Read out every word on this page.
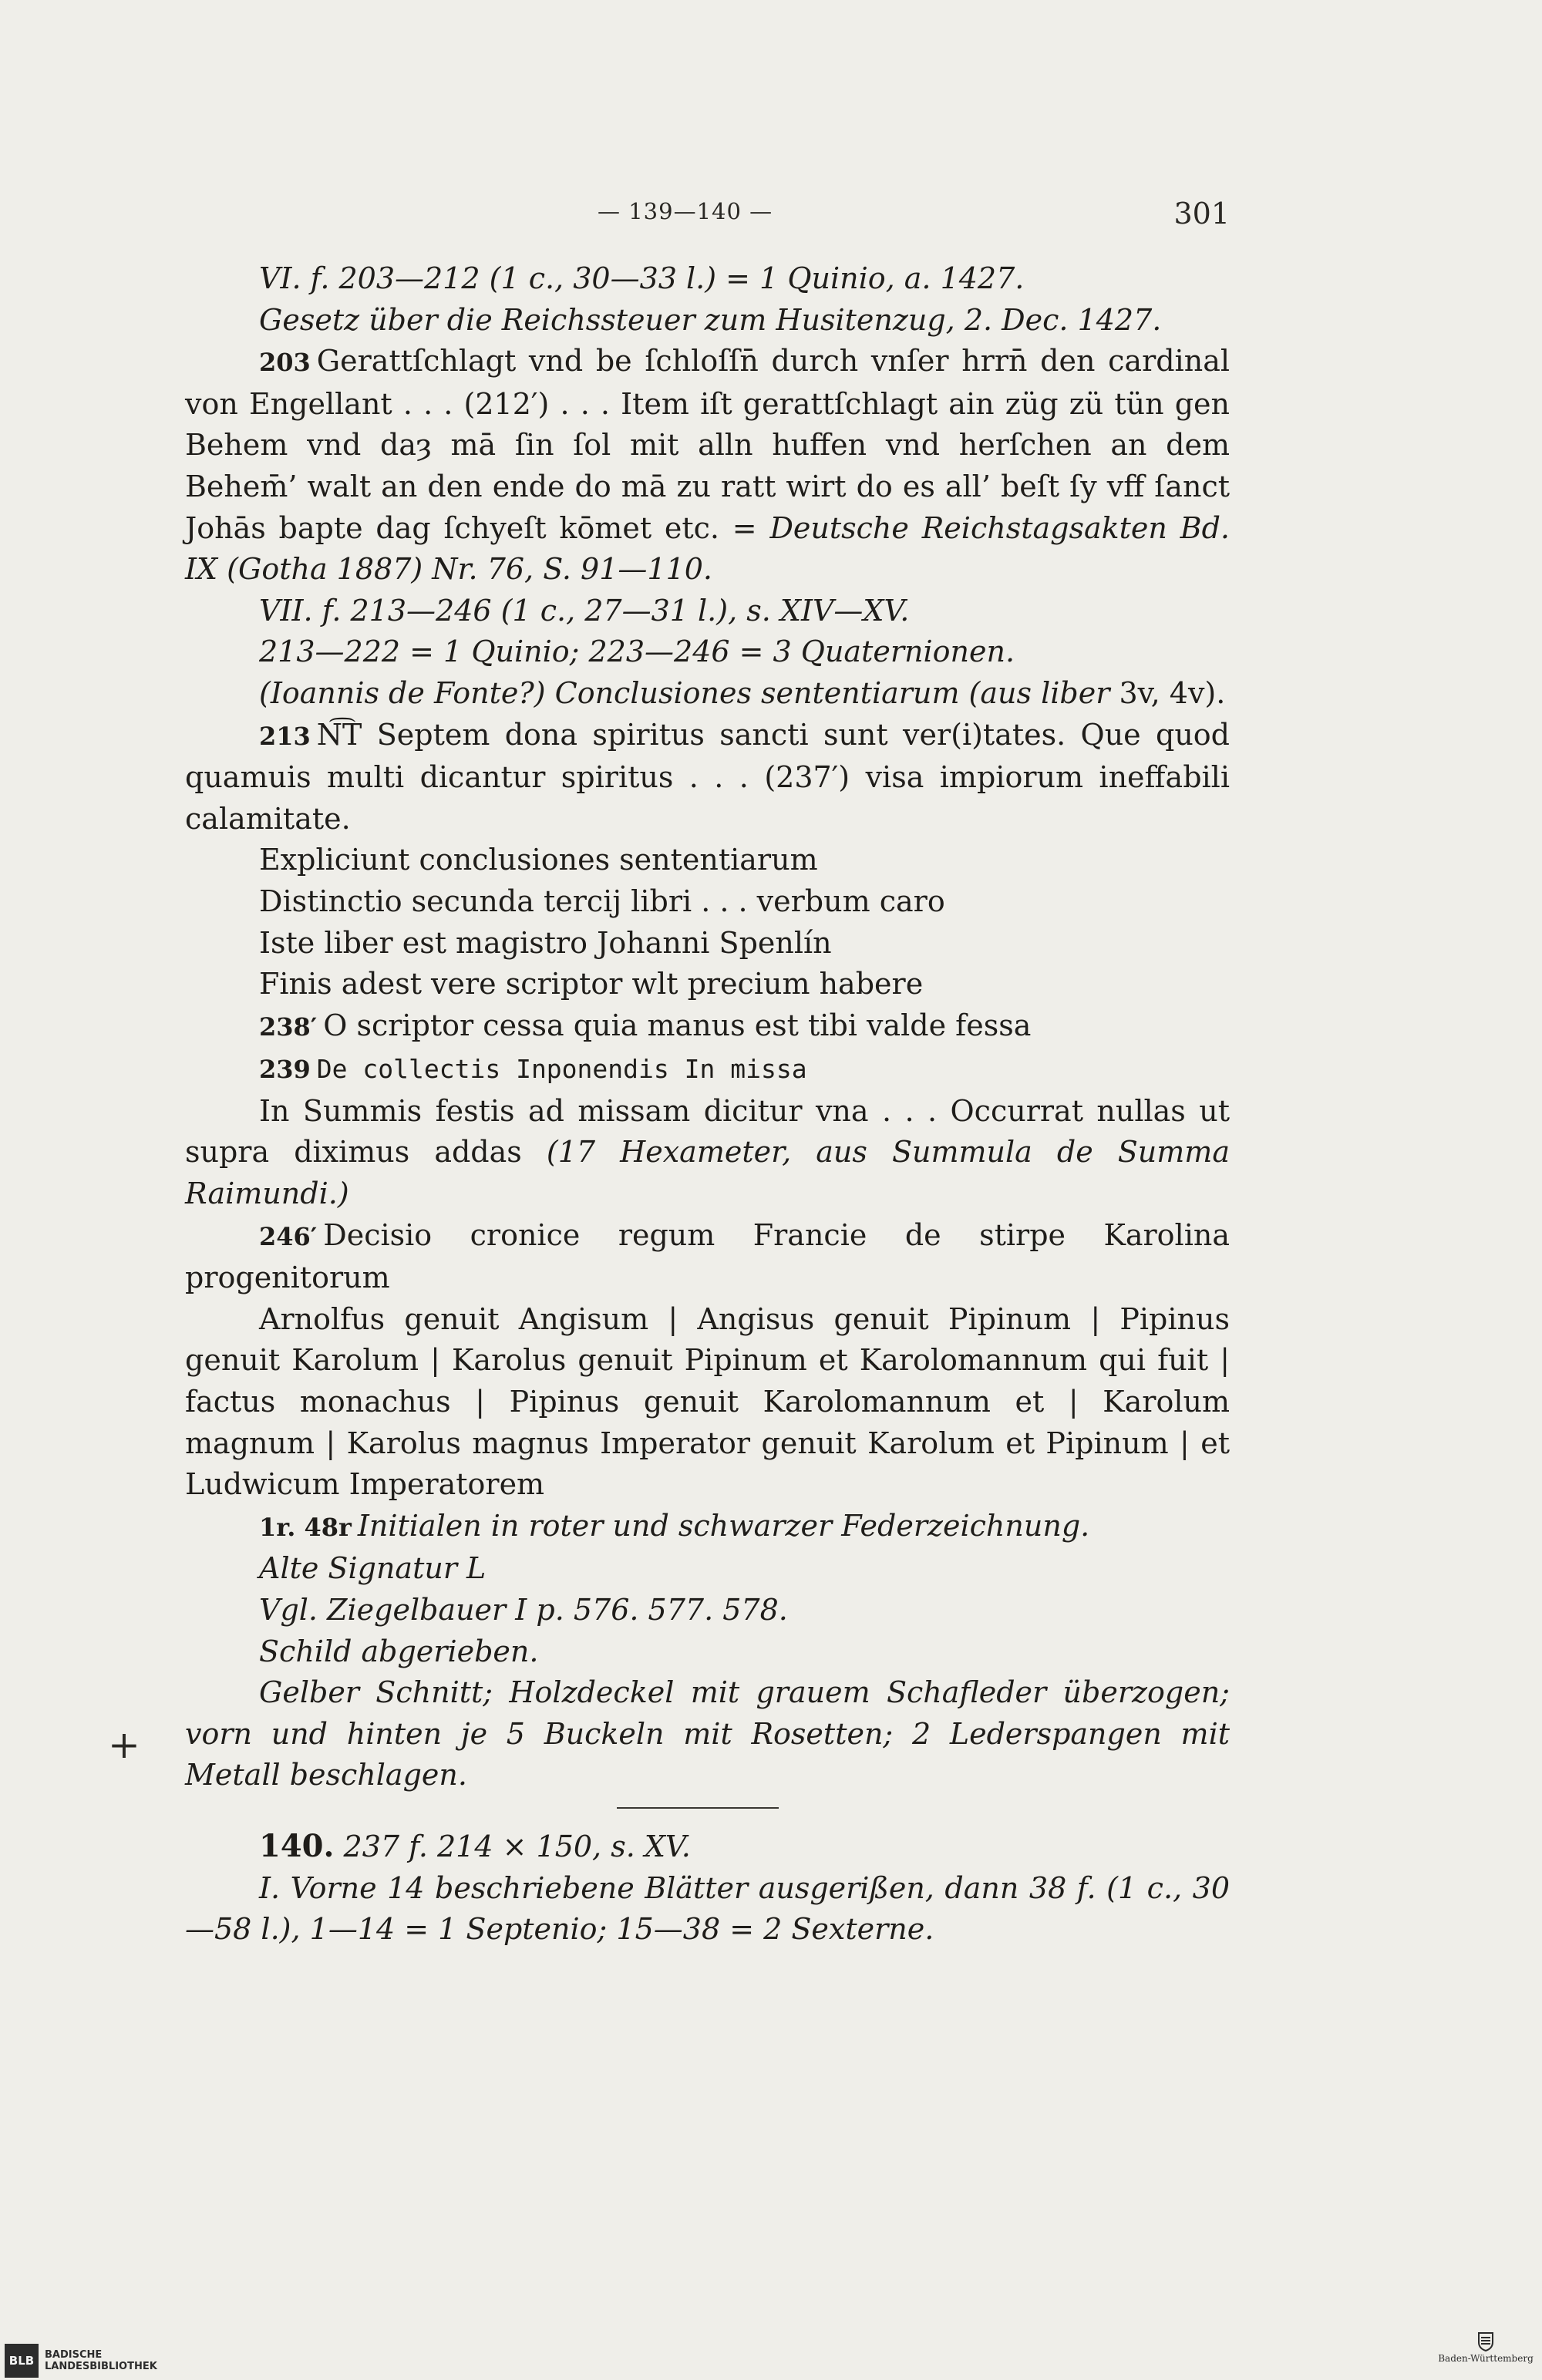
— 139—140 —	301

VI. f. 203—212 (1 c., 30—33 l.) = 1 Quinio, a. 1427.

Gesetz über die Reichssteuer zum Husitenzug, 2. Dec. 1427.

203 Gerattſchlagt vnd be ſchloſſn̄ durch vnſer hrrn̄ den cardinal von Engellant . . . (212′) . . . Item iſt gerattſchlagt ain züg zü tün gen Behem vnd daȝ mā ſin ſol mit alln huffen vnd herſchen an dem Behem̄’ walt an den ende do mā zu ratt wirt do es all’ beſt ſy vff ſanct Johās bapte dag ſchyeſt kōmet etc. = Deutsche Reichstagsakten Bd. IX (Gotha 1887) Nr. 76, S. 91—110.

VII. f. 213—246 (1 c., 27—31 l.), s. XIV—XV.

213—222 = 1 Quinio; 223—246 = 3 Quaternionen.

(Ioannis de Fonte?) Conclusiones sententiarum (aus liber 3v, 4v).

213 N͡T Septem dona spiritus sancti sunt ver(i)tates. Que quod quamuis multi dicantur spiritus . . . (237′) visa impiorum ineffabili calamitate.

Expliciunt conclusiones sententiarum

Distinctio secunda tercij libri . . . verbum caro

Iste liber est magistro Johanni Spenlín

Finis adest vere scriptor wlt precium habere

238′ O scriptor cessa quia manus est tibi valde fessa

239 De collectis Inponendis In missa

In Summis festis ad missam dicitur vna . . . Occurrat nullas ut supra diximus addas (17 Hexameter, aus Summula de Summa Raimundi.)

246′ Decisio cronice regum Francie de stirpe Karolina progenitorum

Arnolfus genuit Angisum | Angisus genuit Pipinum | Pipinus genuit Karolum | Karolus genuit Pipinum et Karolomannum qui fuit | factus monachus | Pipinus genuit Karolomannum et | Karolum magnum | Karolus magnus Imperator genuit Karolum et Pipinum | et Ludwicum Imperatorem

1r. 48r Initialen in roter und schwarzer Federzeichnung.

Alte Signatur L

Vgl. Ziegelbauer I p. 576. 577. 578.

Schild abgerieben.

Gelber Schnitt; Holzdeckel mit grauem Schafleder überzogen; vorn und hinten je 5 Buckeln mit Rosetten; 2 Lederspangen mit Metall beschlagen.

140. 237 f. 214 × 150, s. XV.

I. Vorne 14 beschriebene Blätter ausgerißen, dann 38 f. (1 c., 30—58 l.), 1—14 = 1 Septenio; 15—38 = 2 Sexterne.

+
BLB	BADISCHE
LANDESBIBLIOTHEK
Baden-Württemberg
